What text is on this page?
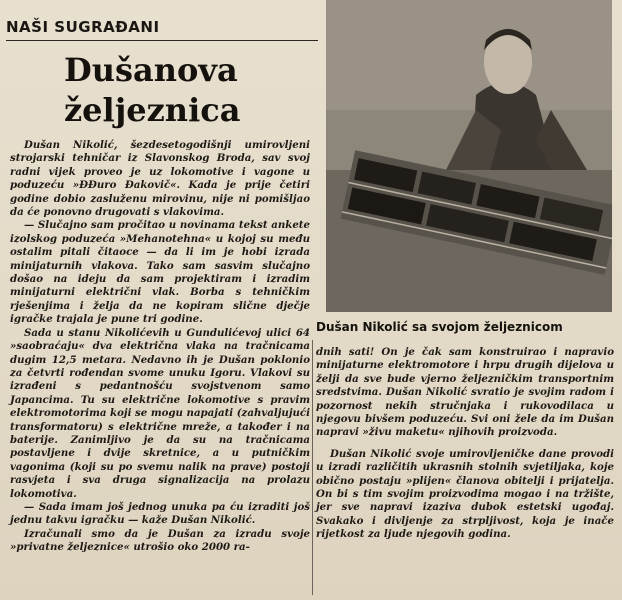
NAŠI SUGRAĐANI
Dušanova željeznica

Dušan Nikolić, šezdesetogodišnji umirovljeni strojarski tehničar iz Slavonskog Broda, sav svoj radni vijek proveo je uz lokomotive i vagone u poduzeću »ĐĐuro Đakovič«. Kada je prije četiri godine dobio zasluženu mirovinu, nije ni pomišljao da će ponovno drugovati s vlakovima.

— Slučajno sam pročitao u novinama tekst ankete izolskog poduzeća »Mehanotehna« u kojoj su među ostalim pitali čitaoce — da li im je hobi izrada minijaturnih vlakova. Tako sam sasvim slučajno došao na ideju da sam projektiram i izradim minijaturni električni vlak. Borba s tehničkim rješenjima i želja da ne kopiram slične dječje igračke trajala je pune tri godine.

Sada u stanu Nikolićevih u Gundulićevoj ulici 64 »saobraćaju« dva električna vlaka na tračnicama dugim 12,5 metara. Nedavno ih je Dušan poklonio za četvrti rođendan svome unuku Igoru. Vlakovi su izrađeni s pedantnošću svojstvenom samo Japancima. Tu su električne lokomotive s pravim elektromotorima koji se mogu napajati (zahvaljujući transformatoru) s električne mreže, a također i na baterije. Zanimljivo je da su na tračnicama postavljene i dvije skretnice, a u putničkim vagonima (koji su po svemu nalik na prave) postoji rasvjeta i sva druga signalizacija na prolazu lokomotiva.

— Sada imam još jednog unuka pa ću izraditi još jednu takvu igračku — kaže Dušan Nikolić.

Izračunali smo da je Dušan za izradu svoje »privatne željeznice« utrošio oko 2000 ra-

Dušan Nikolić sa svojom željeznicom

dnih sati! On je čak sam konstruirao i napravio minijaturne elektromotore i hrpu drugih dijelova u želji da sve bude vjerno željezničkim transportnim sredstvima. Dušan Nikolić svratio je svojim radom i pozornost nekih stručnjaka i rukovodilaca u njegovu bivšem poduzeću. Svi oni žele da im Dušan napravi »živu maketu« njihovih proizvoda.

Dušan Nikolić svoje umirovljeničke dane provodi u izradi različitih ukrasnih stolnih svjetiljaka, koje obično postaju »plijen« članova obitelji i prijatelja. On bi s tim svojim proizvodima mogao i na tržište, jer sve napravi izaziva dubok estetski ugođaj. Svakako i divljenje za strpljivost, koja je inače rijetkost za ljude njegovih godina.
